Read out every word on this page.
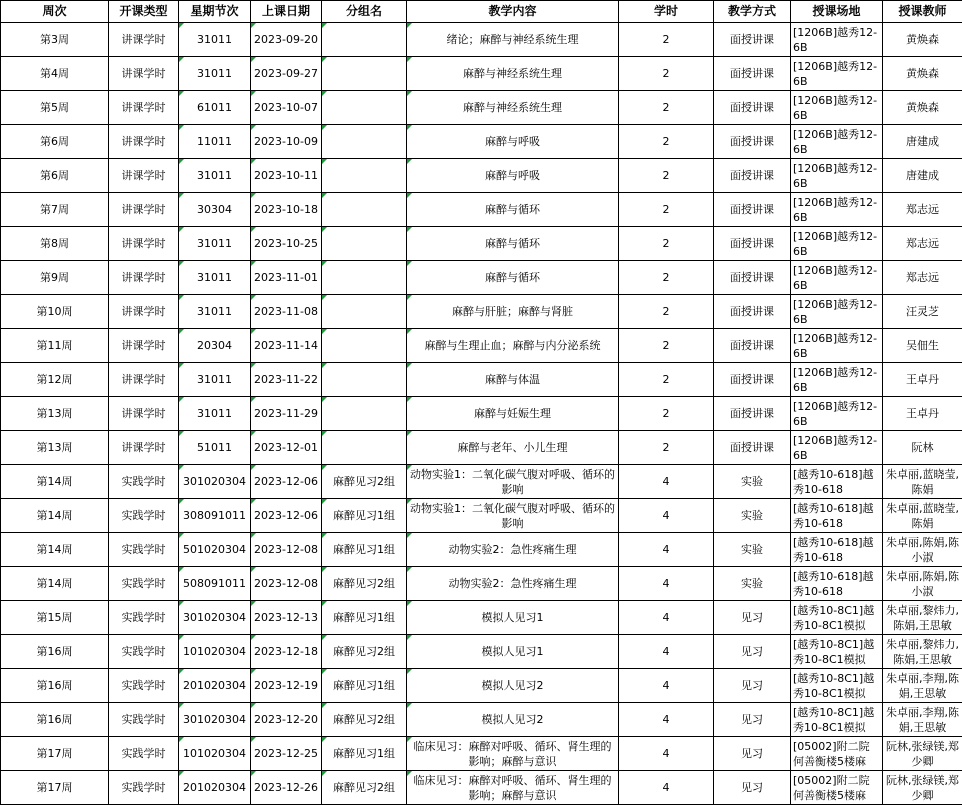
周次	开课类型	星期节次	上课日期	分组名	教学内容	学时	教学方式	授课场地	授课教师
第3周	讲课学时	31011	2023-09-20		绪论；麻醉与神经系统生理	2	面授讲课	[1206B]越秀12-6B	黄焕森
第4周	讲课学时	31011	2023-09-27		麻醉与神经系统生理	2	面授讲课	[1206B]越秀12-6B	黄焕森
第5周	讲课学时	61011	2023-10-07		麻醉与神经系统生理	2	面授讲课	[1206B]越秀12-6B	黄焕森
第6周	讲课学时	11011	2023-10-09		麻醉与呼吸	2	面授讲课	[1206B]越秀12-6B	唐建成
第6周	讲课学时	31011	2023-10-11		麻醉与呼吸	2	面授讲课	[1206B]越秀12-6B	唐建成
第7周	讲课学时	30304	2023-10-18		麻醉与循环	2	面授讲课	[1206B]越秀12-6B	郑志远
第8周	讲课学时	31011	2023-10-25		麻醉与循环	2	面授讲课	[1206B]越秀12-6B	郑志远
第9周	讲课学时	31011	2023-11-01		麻醉与循环	2	面授讲课	[1206B]越秀12-6B	郑志远
第10周	讲课学时	31011	2023-11-08		麻醉与肝脏；麻醉与肾脏	2	面授讲课	[1206B]越秀12-6B	汪灵芝
第11周	讲课学时	20304	2023-11-14		麻醉与生理止血；麻醉与内分泌系统	2	面授讲课	[1206B]越秀12-6B	吴佃生
第12周	讲课学时	31011	2023-11-22		麻醉与体温	2	面授讲课	[1206B]越秀12-6B	王卓丹
第13周	讲课学时	31011	2023-11-29		麻醉与妊娠生理	2	面授讲课	[1206B]越秀12-6B	王卓丹
第13周	讲课学时	51011	2023-12-01		麻醉与老年、小儿生理	2	面授讲课	[1206B]越秀12-6B	阮林
第14周	实践学时	301020304	2023-12-06	麻醉见习2组	动物实验1：二氧化碳气腹对呼吸、循环的影响	4	实验	[越秀10-618]越秀10-618	朱卓丽,蓝晓莹,陈娟
第14周	实践学时	308091011	2023-12-06	麻醉见习1组	动物实验1：二氧化碳气腹对呼吸、循环的影响	4	实验	[越秀10-618]越秀10-618	朱卓丽,蓝晓莹,陈娟
第14周	实践学时	501020304	2023-12-08	麻醉见习1组	动物实验2：急性疼痛生理	4	实验	[越秀10-618]越秀10-618	朱卓丽,陈娟,陈小淑
第14周	实践学时	508091011	2023-12-08	麻醉见习2组	动物实验2：急性疼痛生理	4	实验	[越秀10-618]越秀10-618	朱卓丽,陈娟,陈小淑
第15周	实践学时	301020304	2023-12-13	麻醉见习1组	模拟人见习1	4	见习	[越秀10-8C1]越秀10-8C1模拟	朱卓丽,黎炜力,陈娟,王思敏
第16周	实践学时	101020304	2023-12-18	麻醉见习2组	模拟人见习1	4	见习	[越秀10-8C1]越秀10-8C1模拟	朱卓丽,黎炜力,陈娟,王思敏
第16周	实践学时	201020304	2023-12-19	麻醉见习1组	模拟人见习2	4	见习	[越秀10-8C1]越秀10-8C1模拟	朱卓丽,李翔,陈娟,王思敏
第16周	实践学时	301020304	2023-12-20	麻醉见习2组	模拟人见习2	4	见习	[越秀10-8C1]越秀10-8C1模拟	朱卓丽,李翔,陈娟,王思敏
第17周	实践学时	101020304	2023-12-25	麻醉见习1组	临床见习：麻醉对呼吸、循环、肾生理的影响；麻醉与意识	4	见习	[05002]附二院何善衡楼5楼麻	阮林,张绿镁,郑少卿
第17周	实践学时	201020304	2023-12-26	麻醉见习2组	临床见习：麻醉对呼吸、循环、肾生理的影响；麻醉与意识	4	见习	[05002]附二院何善衡楼5楼麻	阮林,张绿镁,郑少卿
